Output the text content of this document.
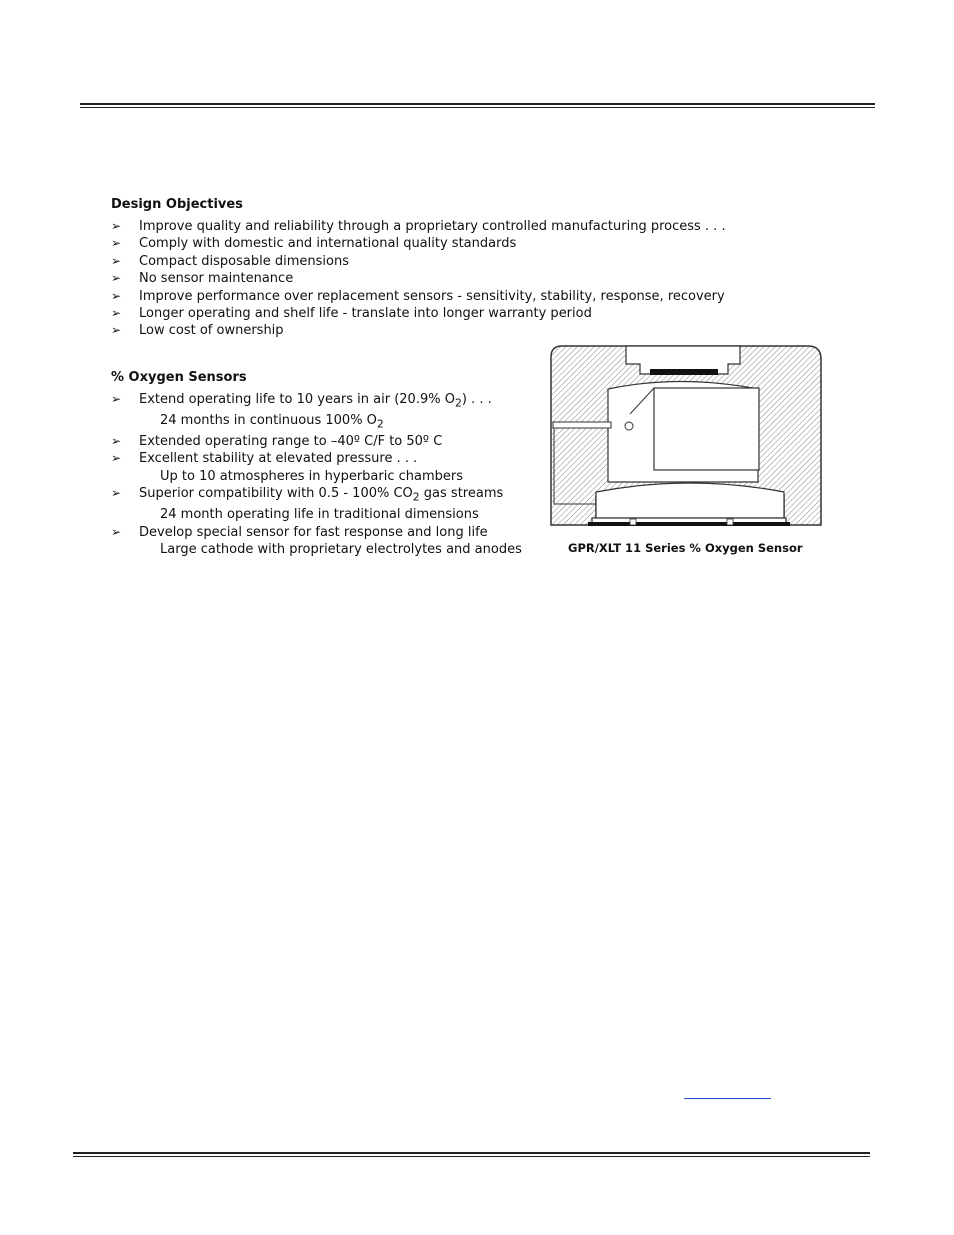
Design Objectives
➢ Improve quality and reliability through a proprietary controlled manufacturing process . . .
➢ Comply with domestic and international quality standards
➢ Compact disposable dimensions
➢ No sensor maintenance
➢ Improve performance over replacement sensors - sensitivity, stability, response, recovery
➢ Longer operating and shelf life - translate into longer warranty period
➢ Low cost of ownership
% Oxygen Sensors
➢ Extend operating life to 10 years in air (20.9% $O_2$) . . .
24 months in continuous 100% $O_2$
➢ Extended operating range to –40º C/F to 50º C
➢ Excellent stability at elevated pressure . . .
Up to 10 atmospheres in hyperbaric chambers
➢ Superior compatibility with 0.5 - 100% $CO_2$ gas streams
24 month operating life in traditional dimensions
➢ Develop special sensor for fast response and long life
Large cathode with proprietary electrolytes and anodes	GPR/XLT 11 Series % Oxygen Sensor
